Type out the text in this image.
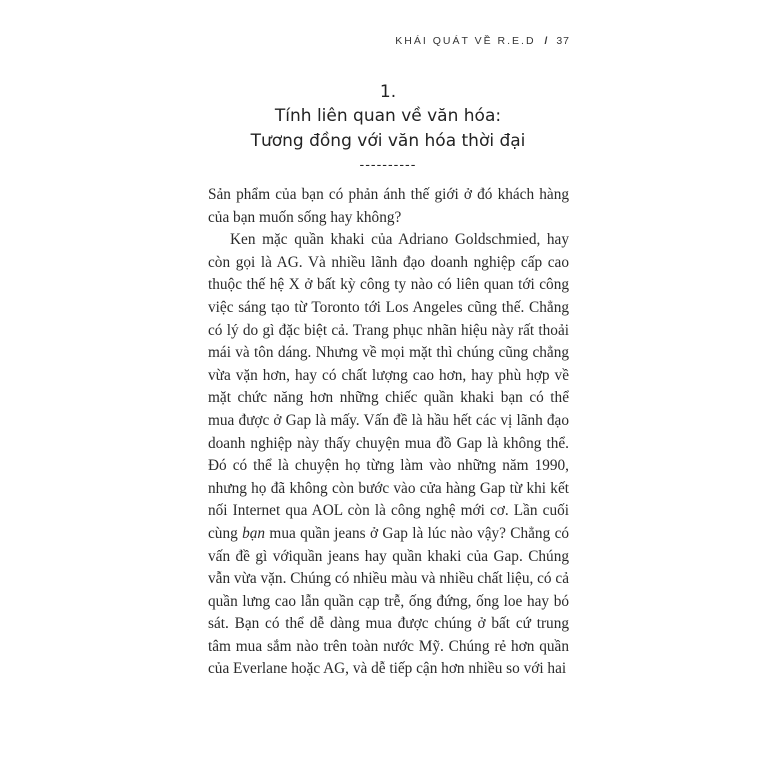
KHÁI QUÁT VỀ R.E.D / 37
1.
Tính liên quan về văn hóa:
Tương đồng với văn hóa thời đại
----------

Sản phẩm của bạn có phản ánh thế giới ở đó khách hàng của bạn muốn sống hay không?

Ken mặc quần khaki của Adriano Goldschmied, hay còn gọi là AG. Và nhiều lãnh đạo doanh nghiệp cấp cao thuộc thế hệ X ở bất kỳ công ty nào có liên quan tới công việc sáng tạo từ Toronto tới Los Angeles cũng thế. Chẳng có lý do gì đặc biệt cả. Trang phục nhãn hiệu này rất thoải mái và tôn dáng. Nhưng về mọi mặt thì chúng cũng chẳng vừa vặn hơn, hay có chất lượng cao hơn, hay phù hợp về mặt chức năng hơn những chiếc quần khaki bạn có thể mua được ở Gap là mấy. Vấn đề là hầu hết các vị lãnh đạo doanh nghiệp này thấy chuyện mua đồ Gap là không thể. Đó có thể là chuyện họ từng làm vào những năm 1990, nhưng họ đã không còn bước vào cửa hàng Gap từ khi kết nối Internet qua AOL còn là công nghệ mới cơ. Lần cuối cùng bạn mua quần jeans ở Gap là lúc nào vậy? Chẳng có vấn đề gì vớiquần jeans hay quần khaki của Gap. Chúng vẫn vừa vặn. Chúng có nhiều màu và nhiều chất liệu, có cả quần lưng cao lẫn quần cạp trễ, ống đứng, ống loe hay bó sát. Bạn có thể dễ dàng mua được chúng ở bất cứ trung tâm mua sắm nào trên toàn nước Mỹ. Chúng rẻ hơn quần của Everlane hoặc AG, và dễ tiếp cận hơn nhiều so với hai
